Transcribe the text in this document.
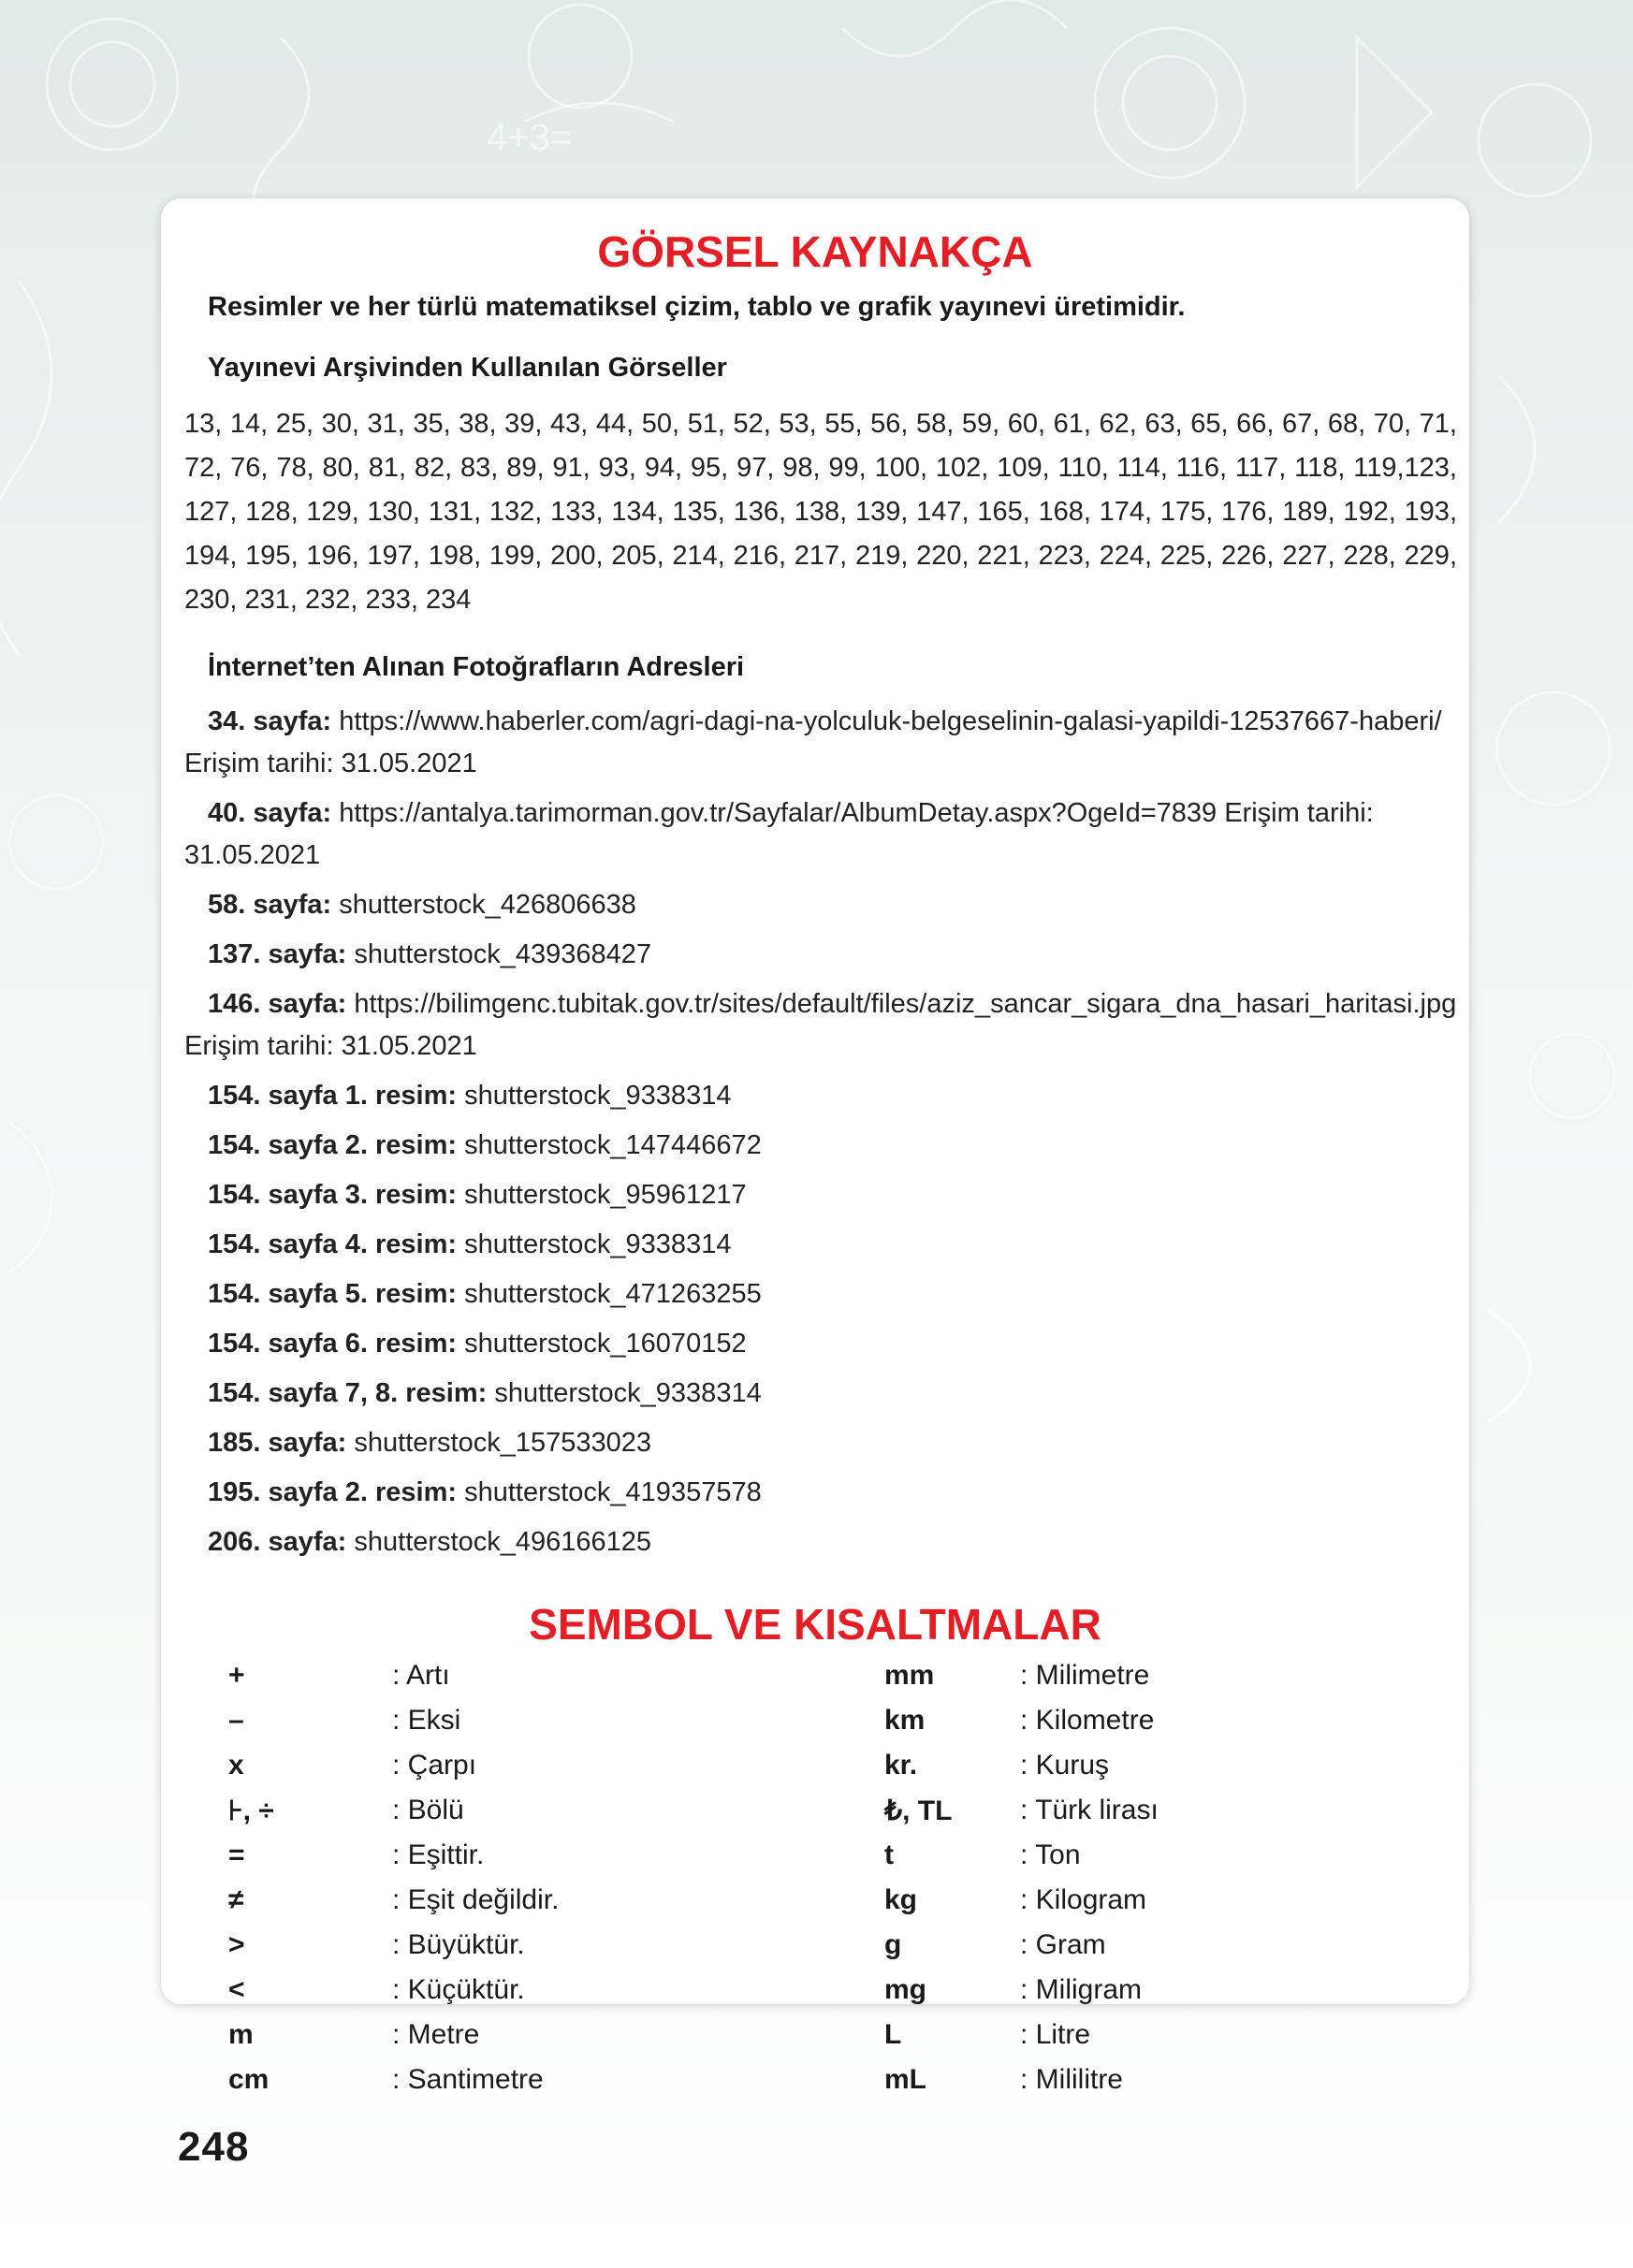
4+3=
GÖRSEL KAYNAKÇA
Resimler ve her türlü matematiksel çizim, tablo ve grafik yayınevi üretimidir.
Yayınevi Arşivinden Kullanılan Görseller
13, 14, 25, 30, 31, 35, 38, 39, 43, 44, 50, 51, 52, 53, 55, 56, 58, 59, 60, 61, 62, 63, 65, 66, 67, 68, 70, 71, 72, 76, 78, 80, 81, 82, 83, 89, 91, 93, 94, 95, 97, 98, 99, 100, 102, 109, 110, 114, 116, 117, 118, 119,123, 127, 128, 129, 130, 131, 132, 133, 134, 135, 136, 138, 139, 147, 165, 168, 174, 175, 176, 189, 192, 193, 194, 195, 196, 197, 198, 199, 200, 205, 214, 216, 217, 219, 220, 221, 223, 224, 225, 226, 227, 228, 229, 230, 231, 232, 233, 234
İnternet’ten Alınan Fotoğrafların Adresleri
34. sayfa: https://www.haberler.com/agri-dagi-na-yolculuk-belgeselinin-galasi-yapildi-12537667-haberi/ Erişim tarihi: 31.05.2021
40. sayfa: https://antalya.tarimorman.gov.tr/Sayfalar/AlbumDetay.aspx?OgeId=7839 Erişim tarihi: 31.05.2021
58. sayfa: shutterstock_426806638
137. sayfa: shutterstock_439368427
146. sayfa: https://bilimgenc.tubitak.gov.tr/sites/default/files/aziz_sancar_sigara_dna_hasari_haritasi.jpg Erişim tarihi: 31.05.2021
154. sayfa 1. resim: shutterstock_9338314
154. sayfa 2. resim: shutterstock_147446672
154. sayfa 3. resim: shutterstock_95961217
154. sayfa 4. resim: shutterstock_9338314
154. sayfa 5. resim: shutterstock_471263255
154. sayfa 6. resim: shutterstock_16070152
154. sayfa 7, 8. resim: shutterstock_9338314
185. sayfa: shutterstock_157533023
195. sayfa 2. resim: shutterstock_419357578
206. sayfa: shutterstock_496166125
SEMBOL VE KISALTMALAR
+	: Artı
–	: Eksi
x	: Çarpı
⊦, ÷	: Bölü
=	: Eşittir.
≠	: Eşit değildir.
>	: Büyüktür.
<	: Küçüktür.
m	: Metre
cm	: Santimetre
mm	: Milimetre
km	: Kilometre
kr.	: Kuruş
₺, TL : Türk lirası
t	: Ton
kg	: Kilogram
g	: Gram
mg	: Miligram
L	: Litre
mL	: Mililitre
248
